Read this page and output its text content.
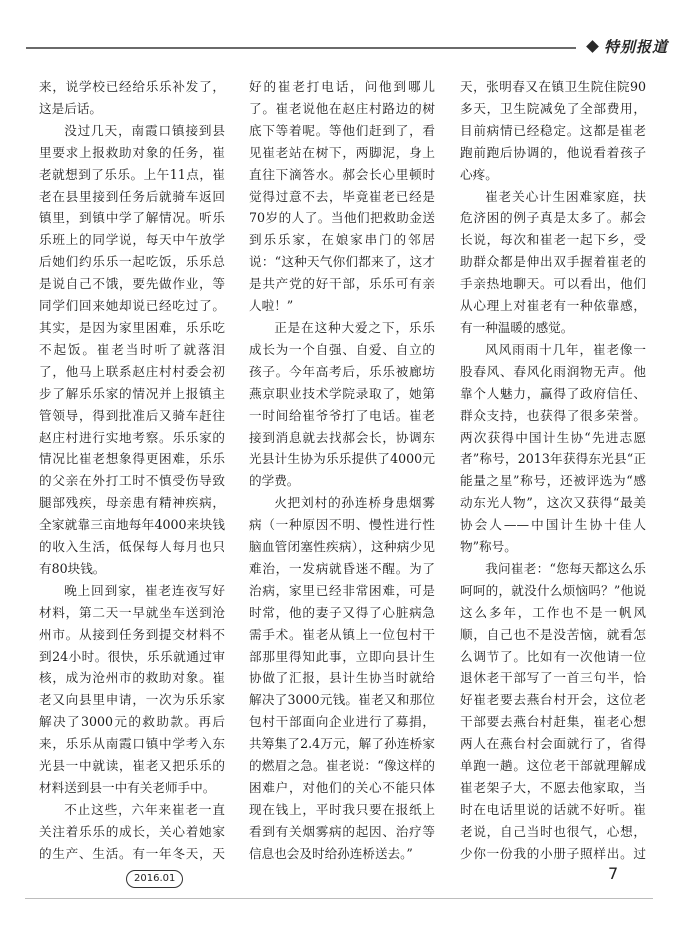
特别报道

来，说学校已经给乐乐补发了，这是后话。

没过几天，南霞口镇接到县里要求上报救助对象的任务，崔老就想到了乐乐。上午11点，崔老在县里接到任务后就骑车返回镇里，到镇中学了解情况。听乐乐班上的同学说，每天中午放学后她们约乐乐一起吃饭，乐乐总是说自己不饿，要先做作业，等同学们回来她却说已经吃过了。其实，是因为家里困难，乐乐吃不起饭。崔老当时听了就落泪了，他马上联系赵庄村村委会初步了解乐乐家的情况并上报镇主管领导，得到批准后又骑车赶往赵庄村进行实地考察。乐乐家的情况比崔老想象得更困难，乐乐的父亲在外打工时不慎受伤导致腿部残疾，母亲患有精神疾病，全家就靠三亩地每年4000来块钱的收入生活，低保每人每月也只有80块钱。

晚上回到家，崔老连夜写好材料，第二天一早就坐车送到沧州市。从接到任务到提交材料不到24小时。很快，乐乐就通过审核，成为沧州市的救助对象。崔老又向县里申请，一次为乐乐家解决了3000元的救助款。再后来，乐乐从南霞口镇中学考入东光县一中就读，崔老又把乐乐的材料送到县一中有关老师手中。

不止这些，六年来崔老一直关注着乐乐的成长，关心着她家的生产、生活。有一年冬天，天

好的崔老打电话，问他到哪儿了。崔老说他在赵庄村路边的树底下等着呢。等他们赶到了，看见崔老站在树下，两脚泥，身上直往下滴答水。郝会长心里顿时觉得过意不去，毕竟崔老已经是70岁的人了。当他们把救助金送到乐乐家，在娘家串门的邻居说：“这种天气你们都来了，这才是共产党的好干部，乐乐可有亲人啦！”

正是在这种大爱之下，乐乐成长为一个自强、自爱、自立的孩子。今年高考后，乐乐被廊坊燕京职业技术学院录取了，她第一时间给崔爷爷打了电话。崔老接到消息就去找郝会长，协调东光县计生协为乐乐提供了4000元的学费。

火把刘村的孙连桥身患烟雾病（一种原因不明、慢性进行性脑血管闭塞性疾病），这种病少见难治，一发病就昏迷不醒。为了治病，家里已经非常困难，可是时常，他的妻子又得了心脏病急需手术。崔老从镇上一位包村干部那里得知此事，立即向县计生协做了汇报，县计生协当时就给解决了3000元钱。崔老又和那位包村干部面向企业进行了募捐，共筹集了2.4万元，解了孙连桥家的燃眉之急。崔老说：“像这样的困难户，对他们的关心不能只体现在钱上，平时我只要在报纸上看到有关烟雾病的起因、治疗等信息也会及时给孙连桥送去。”

天，张明春又在镇卫生院住院90多天，卫生院减免了全部费用，目前病情已经稳定。这都是崔老跑前跑后协调的，他说看着孩子心疼。

崔老关心计生困难家庭，扶危济困的例子真是太多了。郝会长说，每次和崔老一起下乡，受助群众都是伸出双手握着崔老的手亲热地聊天。可以看出，他们从心理上对崔老有一种依靠感，有一种温暖的感觉。

风风雨雨十几年，崔老像一股春风、春风化雨润物无声。他靠个人魅力，赢得了政府信任、群众支持，也获得了很多荣誉。两次获得中国计生协“先进志愿者”称号，2013年获得东光县“正能量之星”称号，还被评选为“感动东光人物”，这次又获得“最美协会人——中国计生协十佳人物”称号。

我问崔老：“您每天都这么乐呵呵的，就没什么烦恼吗？”他说这么多年，工作也不是一帆风顺，自己也不是没苦恼，就看怎么调节了。比如有一次他请一位退休老干部写了一首三句半，恰好崔老要去燕台村开会，这位老干部要去燕台村赶集，崔老心想两人在燕台村会面就行了，省得单跑一趟。这位老干部就理解成崔老架子大，不愿去他家取，当时在电话里说的话就不好听。崔老说，自己当时也很气，心想，少你一份我的小册子照样出。过

2016.01	7
